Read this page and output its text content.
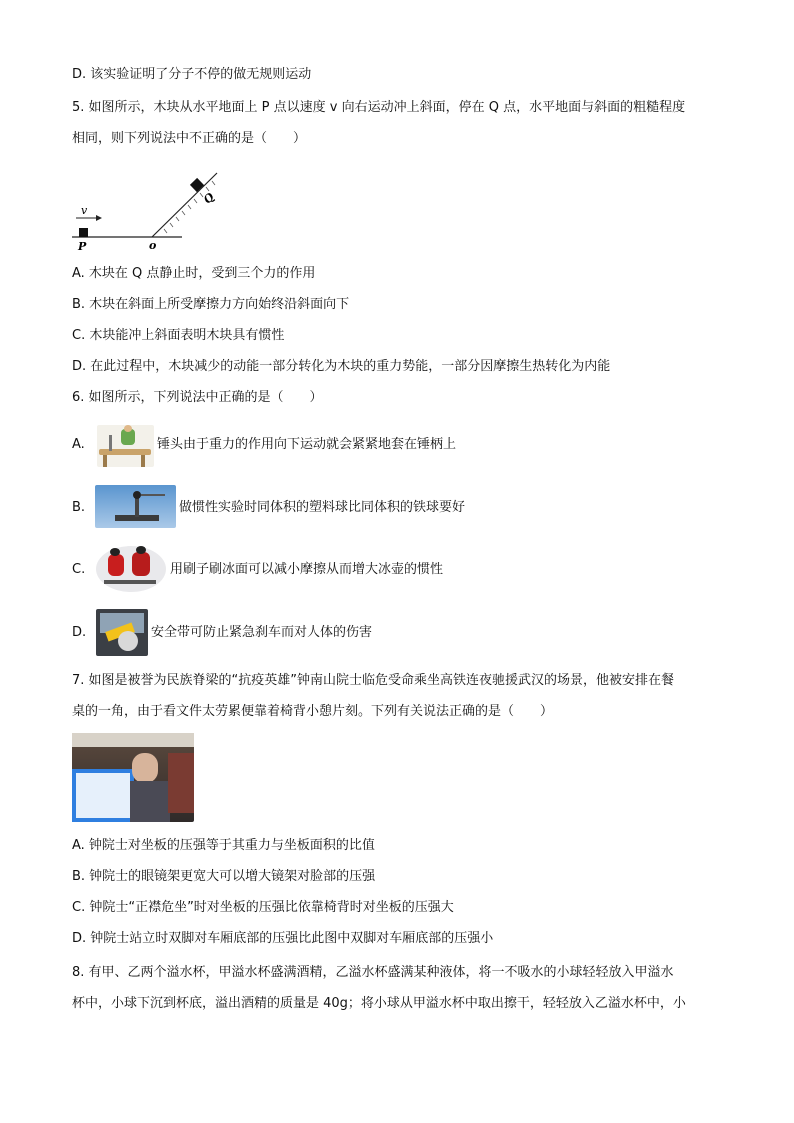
D. 该实验证明了分子不停的做无规则运动
5. 如图所示，木块从水平地面上 P 点以速度 v 向右运动冲上斜面，停在 Q 点，水平地面与斜面的粗糙程度
相同，则下列说法中不正确的是（　　）
v
P	o
Q
A. 木块在 Q 点静止时，受到三个力的作用
B. 木块在斜面上所受摩擦力方向始终沿斜面向下
C. 木块能冲上斜面表明木块具有惯性
D. 在此过程中，木块减少的动能一部分转化为木块的重力势能，一部分因摩擦生热转化为内能
6. 如图所示，下列说法中正确的是（　　）
A.	锤头由于重力的作用向下运动就会紧紧地套在锤柄上
B.	做惯性实验时同体积的塑料球比同体积的铁球要好
C.	用刷子刷冰面可以减小摩擦从而增大冰壶的惯性
D.	安全带可防止紧急刹车而对人体的伤害
7. 如图是被誉为民族脊梁的“抗疫英雄”钟南山院士临危受命乘坐高铁连夜驰援武汉的场景，他被安排在餐
桌的一角，由于看文件太劳累便靠着椅背小憩片刻。下列有关说法正确的是（　　）
A. 钟院士对坐板的压强等于其重力与坐板面积的比值
B. 钟院士的眼镜架更宽大可以增大镜架对脸部的压强
C. 钟院士“正襟危坐”时对坐板的压强比依靠椅背时对坐板的压强大
D. 钟院士站立时双脚对车厢底部的压强比此图中双脚对车厢底部的压强小
8. 有甲、乙两个溢水杯，甲溢水杯盛满酒精，乙溢水杯盛满某种液体，将一不吸水的小球轻轻放入甲溢水
杯中，小球下沉到杯底，溢出酒精的质量是 40g；将小球从甲溢水杯中取出擦干，轻轻放入乙溢水杯中，小
